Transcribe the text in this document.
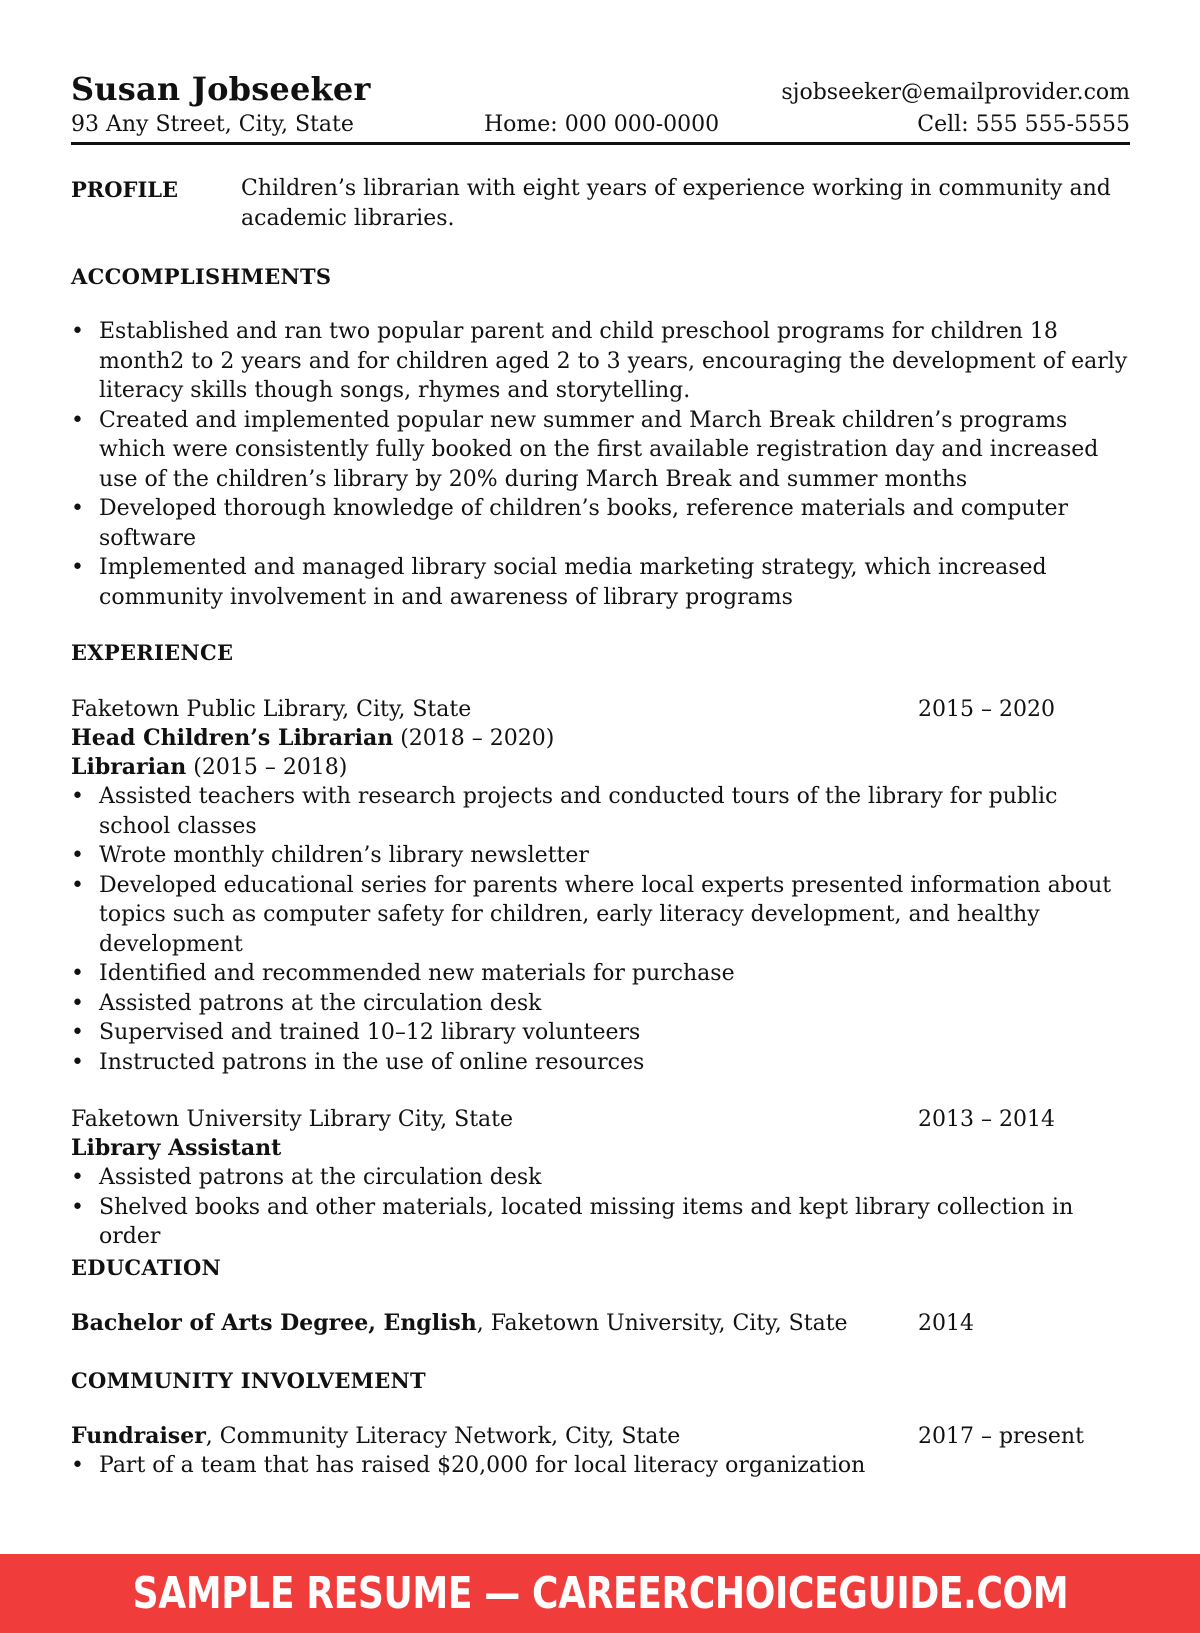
Susan Jobseeker	sjobseeker@emailprovider.com
93 Any Street, City, State	Home: 000 000-0000	Cell: 555 555-5555
PROFILE	Children’s librarian with eight years of experience working in community and academic libraries.
ACCOMPLISHMENTS
• Established and ran two popular parent and child preschool programs for children 18 month2 to 2 years and for children aged 2 to 3 years, encouraging the development of early literacy skills though songs, rhymes and storytelling.
• Created and implemented popular new summer and March Break children’s programs which were consistently fully booked on the first available registration day and increased use of the children’s library by 20% during March Break and summer months
• Developed thorough knowledge of children’s books, reference materials and computer software
• Implemented and managed library social media marketing strategy, which increased community involvement in and awareness of library programs
EXPERIENCE
Faketown Public Library, City, State	2015 – 2020
Head Children’s Librarian (2018 – 2020)
Librarian (2015 – 2018)
• Assisted teachers with research projects and conducted tours of the library for public school classes
• Wrote monthly children’s library newsletter
• Developed educational series for parents where local experts presented information about topics such as computer safety for children, early literacy development, and healthy development
• Identified and recommended new materials for purchase
• Assisted patrons at the circulation desk
• Supervised and trained 10–12 library volunteers
• Instructed patrons in the use of online resources
Faketown University Library City, State	2013 – 2014
Library Assistant
• Assisted patrons at the circulation desk
• Shelved books and other materials, located missing items and kept library collection in order
EDUCATION
Bachelor of Arts Degree, English, Faketown University, City, State	2014
COMMUNITY INVOLVEMENT
Fundraiser, Community Literacy Network, City, State	2017 – present
• Part of a team that has raised $20,000 for local literacy organization
SAMPLE RESUME — CAREERCHOICEGUIDE.COM
